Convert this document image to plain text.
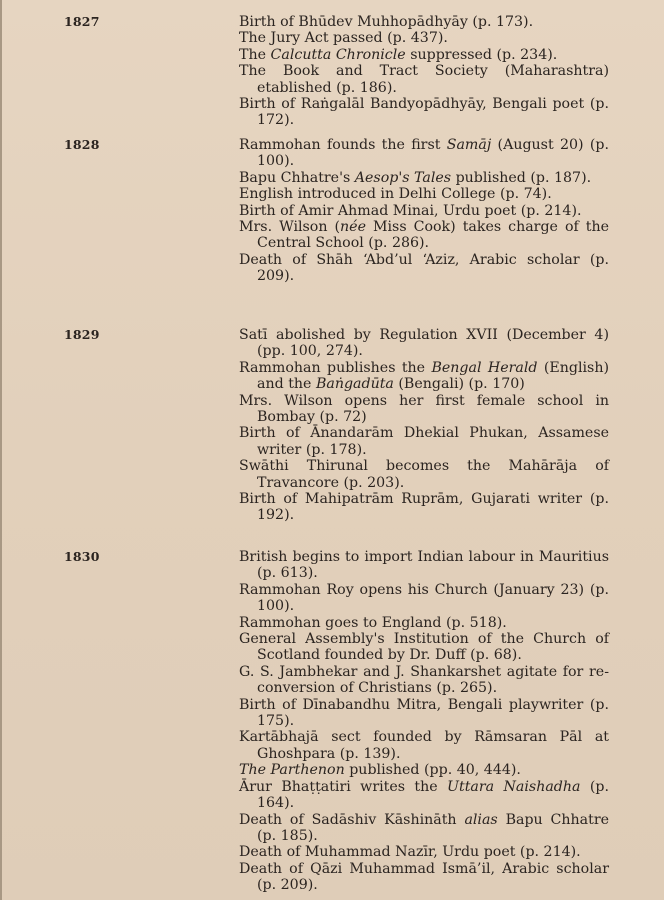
1827	Birth of Bhūdev Muhhopādhyāy (p. 173).

The Jury Act passed (p. 437).

The Calcutta Chronicle suppressed (p. 234).

The Book and Tract Society (Maharashtra) etablished (p. 186).

Birth of Raṅgalāl Bandyopādhyāy, Bengali poet (p. 172).

1828	Rammohan founds the first Samāj (August 20) (p. 100).

Bapu Chhatre's Aesop's Tales published (p. 187).

English introduced in Delhi College (p. 74).

Birth of Amir Ahmad Minai, Urdu poet (p. 214).

Mrs. Wilson (née Miss Cook) takes charge of the Central School (p. 286).

Death of Shāh ‘Abd’ul ‘Aziz, Arabic scholar (p. 209).

1829	Satī abolished by Regulation XVII (December 4) (pp. 100, 274).

Rammohan publishes the Bengal Herald (English) and the Baṅgadūta (Bengali) (p. 170)

Mrs. Wilson opens her first female school in Bombay (p. 72)

Birth of Ānandarām Dhekial Phukan, Assamese writer (p. 178).

Swāthi Thirunal becomes the Mahārāja of Travancore (p. 203).

Birth of Mahipatrām Ruprām, Gujarati writer (p. 192).

1830	British begins to import Indian labour in Mauritius (p. 613).

Rammohan Roy opens his Church (January 23) (p. 100).

Rammohan goes to England (p. 518).

General Assembly's Institution of the Church of Scotland founded by Dr. Duff (p. 68).

G. S. Jambhekar and J. Shankarshet agitate for re-conversion of Christians (p. 265).

Birth of Dīnabandhu Mitra, Bengali playwriter (p. 175).

Kartābhajā sect founded by Rāmsaran Pāl at Ghoshpara (p. 139).

The Parthenon published (pp. 40, 444).

Ārur Bhaṭṭatiri writes the Uttara Naishadha (p. 164).

Death of Sadāshiv Kāshināth alias Bapu Chhatre (p. 185).

Death of Muhammad Nazīr, Urdu poet (p. 214).

Death of Qāzi Muhammad Ismā’il, Arabic scholar (p. 209).
